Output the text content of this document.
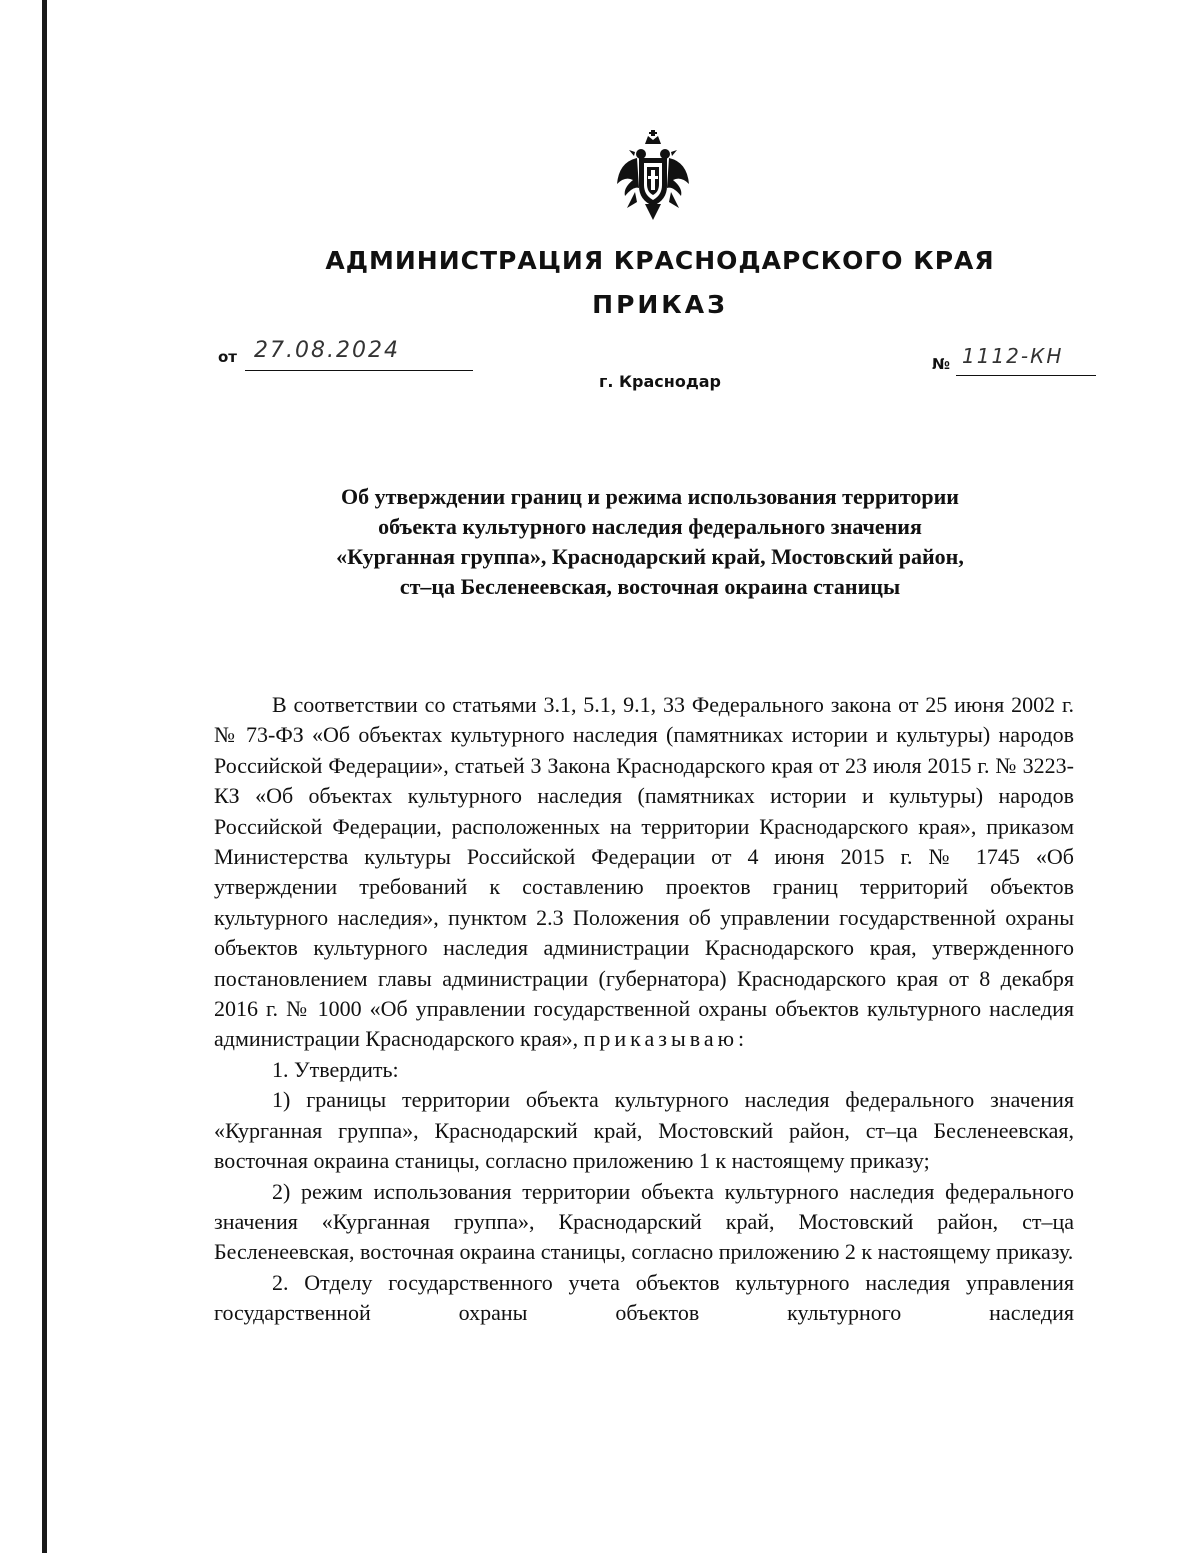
АДМИНИСТРАЦИЯ КРАСНОДАРСКОГО КРАЯ
ПРИКАЗ
от 27.08.2024
г. Краснодар
№ 1112-КН
Об утверждении границ и режима использования территории
объекта культурного наследия федерального значения
«Курганная группа», Краснодарский край, Мостовский район,
ст–ца Бесленеевская, восточная окраина станицы

В соответствии со статьями 3.1, 5.1, 9.1, 33 Федерального закона от 25 июня 2002 г. № 73-ФЗ «Об объектах культурного наследия (памятниках истории и культуры) народов Российской Федерации», статьей 3 Закона Краснодарского края от 23 июля 2015 г. № 3223-КЗ «Об объектах культурного наследия (памятниках истории и культуры) народов Российской Федерации, расположенных на территории Краснодарского края», приказом Министерства культуры Российской Федерации от 4 июня 2015 г. № 1745 «Об утверждении требований к составлению проектов границ территорий объектов культурного наследия», пунктом 2.3 Положения об управлении государственной охраны объектов культурного наследия администрации Краснодарского края, утвержденного постановлением главы администрации (губернатора) Краснодарского края от 8 декабря 2016 г. № 1000 «Об управлении государственной охраны объектов культурного наследия администрации Краснодарского края», приказываю:

1. Утвердить:

1) границы территории объекта культурного наследия федерального значения «Курганная группа», Краснодарский край, Мостовский район, ст–ца Бесленеевская, восточная окраина станицы, согласно приложению 1 к настоящему приказу;

2) режим использования территории объекта культурного наследия федерального значения «Курганная группа», Краснодарский край, Мостовский район, ст–ца Бесленеевская, восточная окраина станицы, согласно приложению 2 к настоящему приказу.

2. Отделу государственного учета объектов культурного наследия управления государственной охраны объектов культурного наследия
